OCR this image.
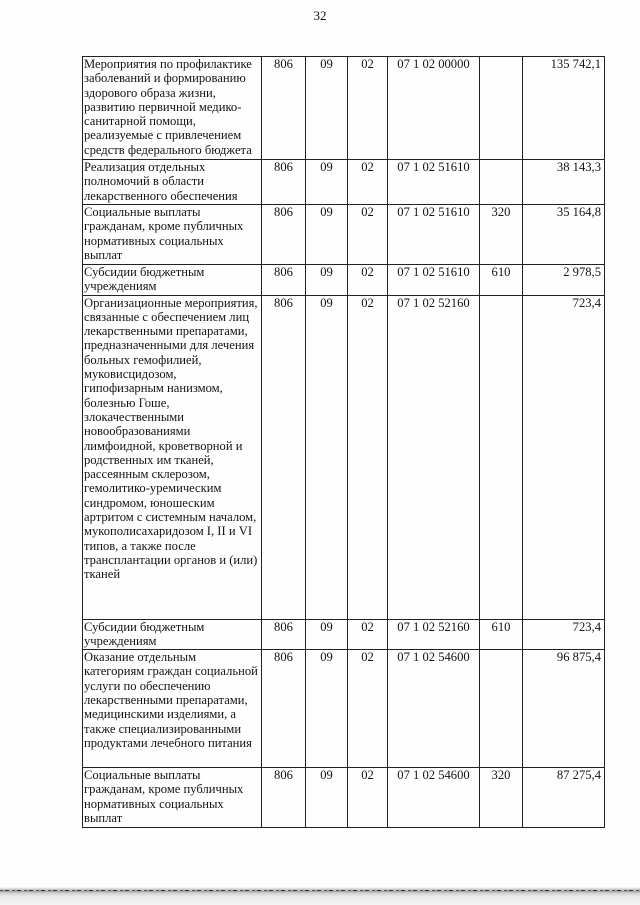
32
Мероприятия по профилактике заболеваний и формированию здорового образа жизни, развитию первичной медико-санитарной помощи, реализуемые с привлечением средств федерального бюджета	806	09	02	07 1 02 00000		135 742,1
Реализация отдельных полномочий в области лекарственного обеспечения	806	09	02	07 1 02 51610		38 143,3
Социальные выплаты гражданам, кроме публичных нормативных социальных выплат	806	09	02	07 1 02 51610	320	35 164,8
Субсидии бюджетным учреждениям	806	09	02	07 1 02 51610	610	2 978,5
Организационные мероприятия, связанные с обеспечением лиц лекарственными препаратами, предназначенными для лечения больных гемофилией, муковисцидозом, гипофизарным нанизмом, болезнью Гоше, злокачественными новообразованиями лимфоидной, кроветворной и родственных им тканей, рассеянным склерозом, гемолитико-уремическим синдромом, юношеским артритом с системным началом, мукополисахаридозом I, II и VI типов, а также после трансплантации органов и (или) тканей	806	09	02	07 1 02 52160		723,4
Субсидии бюджетным учреждениям	806	09	02	07 1 02 52160	610	723,4
Оказание отдельным категориям граждан социальной услуги по обеспечению лекарственными препаратами, медицинскими изделиями, а также специализированными продуктами лечебного питания	806	09	02	07 1 02 54600		96 875,4
Социальные выплаты гражданам, кроме публичных нормативных социальных выплат	806	09	02	07 1 02 54600	320	87 275,4
